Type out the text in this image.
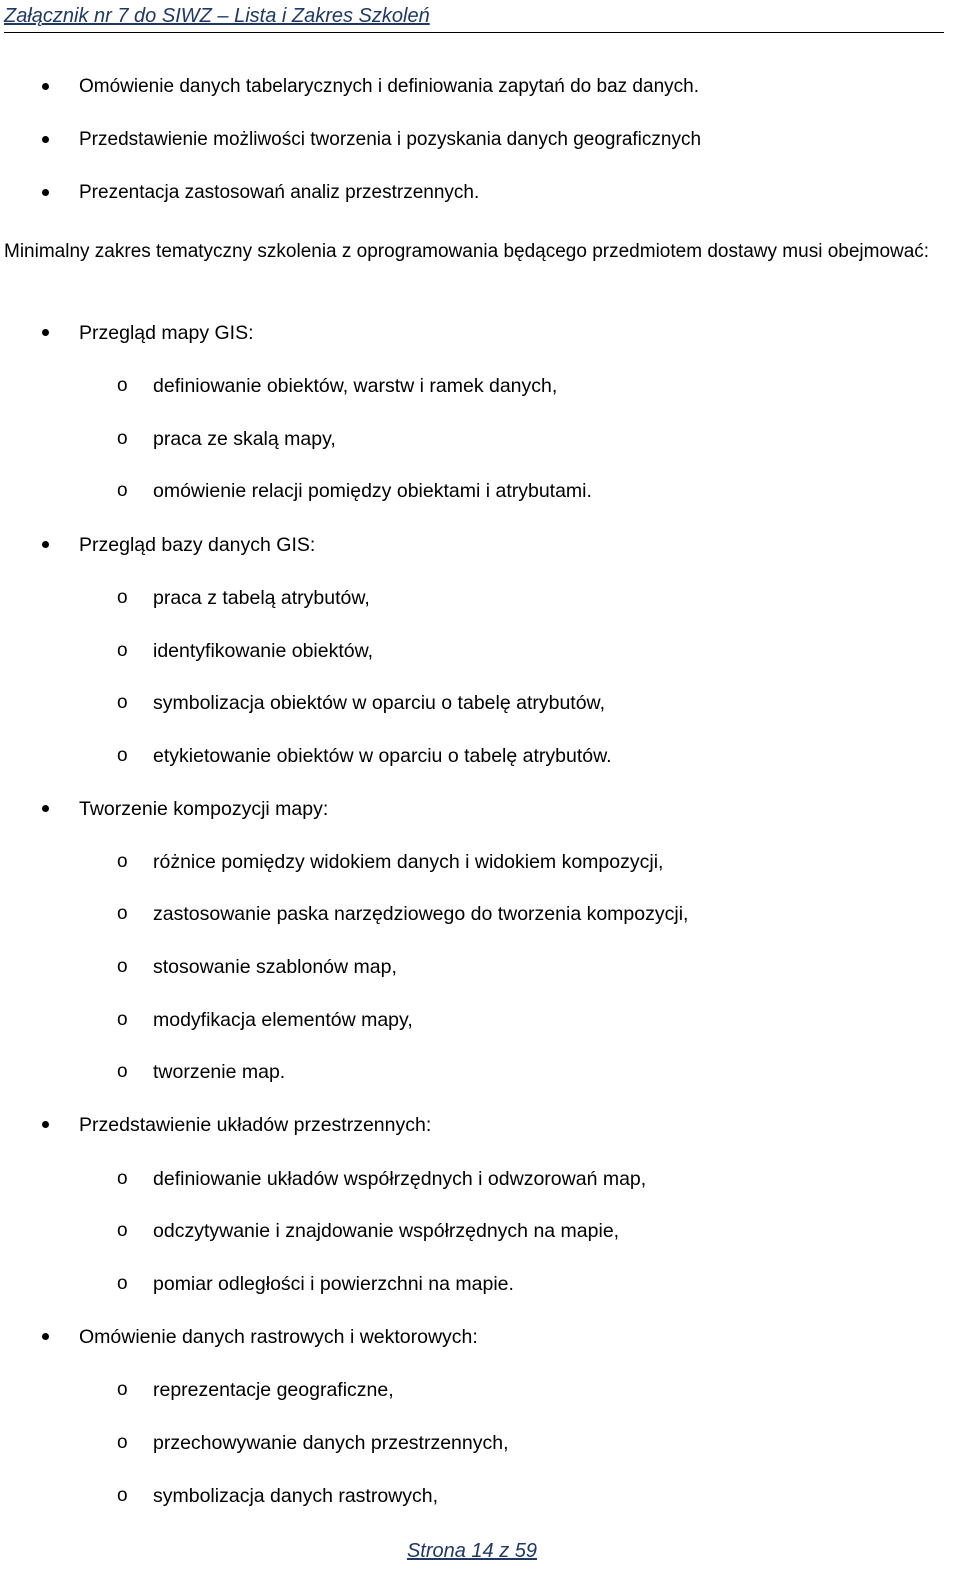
Załącznik nr 7 do SIWZ – Lista i Zakres Szkoleń
Omówienie danych tabelarycznych i definiowania zapytań do baz danych.
Przedstawienie możliwości tworzenia i pozyskania danych geograficznych
Prezentacja zastosowań analiz przestrzennych.
Minimalny zakres tematyczny szkolenia z oprogramowania będącego przedmiotem dostawy musi obejmować:
Przegląd mapy GIS:
o definiowanie obiektów, warstw i ramek danych,
o praca ze skalą mapy,
o omówienie relacji pomiędzy obiektami i atrybutami.
Przegląd bazy danych GIS:
o praca z tabelą atrybutów,
o identyfikowanie obiektów,
o symbolizacja obiektów w oparciu o tabelę atrybutów,
o etykietowanie obiektów w oparciu o tabelę atrybutów.
Tworzenie kompozycji mapy:
o różnice pomiędzy widokiem danych i widokiem kompozycji,
o zastosowanie paska narzędziowego do tworzenia kompozycji,
o stosowanie szablonów map,
o modyfikacja elementów mapy,
o tworzenie map.
Przedstawienie układów przestrzennych:
o definiowanie układów współrzędnych i odwzorowań map,
o odczytywanie i znajdowanie współrzędnych na mapie,
o pomiar odległości i powierzchni na mapie.
Omówienie danych rastrowych i wektorowych:
o reprezentacje geograficzne,
o przechowywanie danych przestrzennych,
o symbolizacja danych rastrowych,
Strona 14 z 59
